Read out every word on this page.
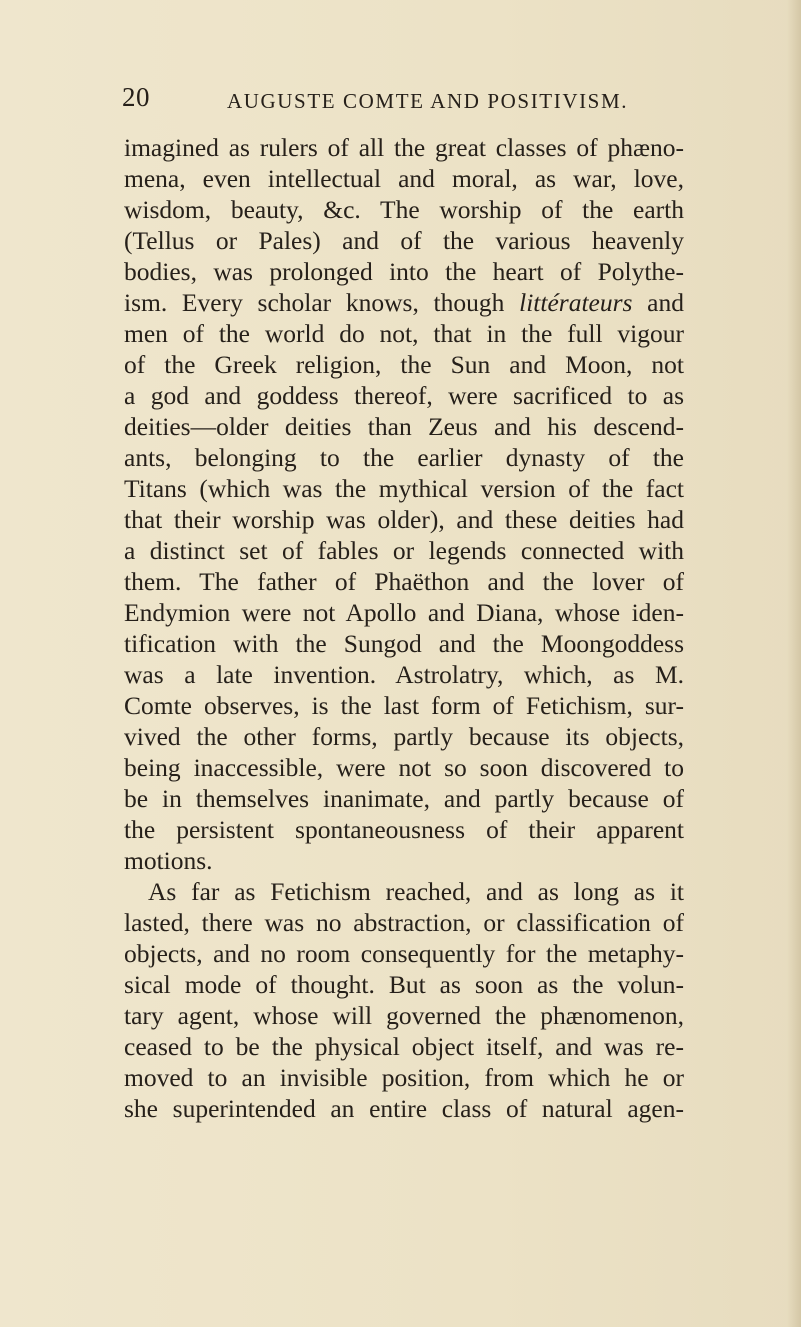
20	AUGUSTE COMTE AND POSITIVISM.
imagined as rulers of all the great classes of phæno-
mena, even intellectual and moral, as war, love,
wisdom, beauty, &c. The worship of the earth
(Tellus or Pales) and of the various heavenly
bodies, was prolonged into the heart of Polythe-
ism. Every scholar knows, though littérateurs and
men of the world do not, that in the full vigour
of the Greek religion, the Sun and Moon, not
a god and goddess thereof, were sacrificed to as
deities—older deities than Zeus and his descend-
ants, belonging to the earlier dynasty of the
Titans (which was the mythical version of the fact
that their worship was older), and these deities had
a distinct set of fables or legends connected with
them. The father of Phaëthon and the lover of
Endymion were not Apollo and Diana, whose iden-
tification with the Sungod and the Moongoddess
was a late invention. Astrolatry, which, as M.
Comte observes, is the last form of Fetichism, sur-
vived the other forms, partly because its objects,
being inaccessible, were not so soon discovered to
be in themselves inanimate, and partly because of
the persistent spontaneousness of their apparent
motions.
As far as Fetichism reached, and as long as it
lasted, there was no abstraction, or classification of
objects, and no room consequently for the metaphy-
sical mode of thought. But as soon as the volun-
tary agent, whose will governed the phænomenon,
ceased to be the physical object itself, and was re-
moved to an invisible position, from which he or
she superintended an entire class of natural agen-
